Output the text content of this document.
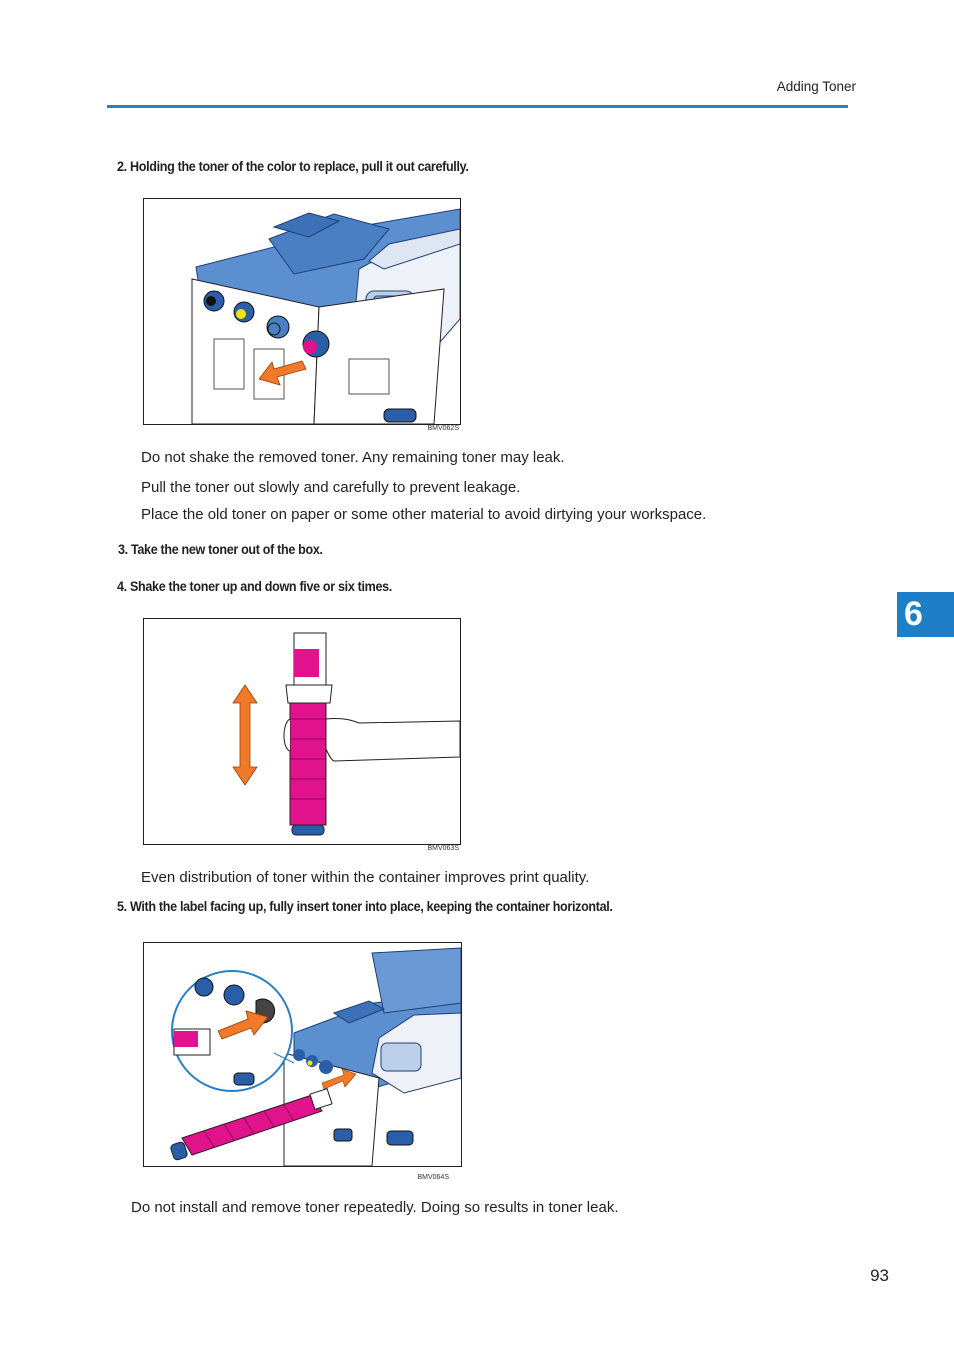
Adding Toner
2. Holding the toner of the color to replace, pull it out carefully.
BMV062S
Do not shake the removed toner. Any remaining toner may leak.
Pull the toner out slowly and carefully to prevent leakage.
Place the old toner on paper or some other material to avoid dirtying your workspace.
3. Take the new toner out of the box.
4. Shake the toner up and down five or six times.
BMV063S
Even distribution of toner within the container improves print quality.
5. With the label facing up, fully insert toner into place, keeping the container horizontal.
BMV064S
Do not install and remove toner repeatedly. Doing so results in toner leak.
6
93
